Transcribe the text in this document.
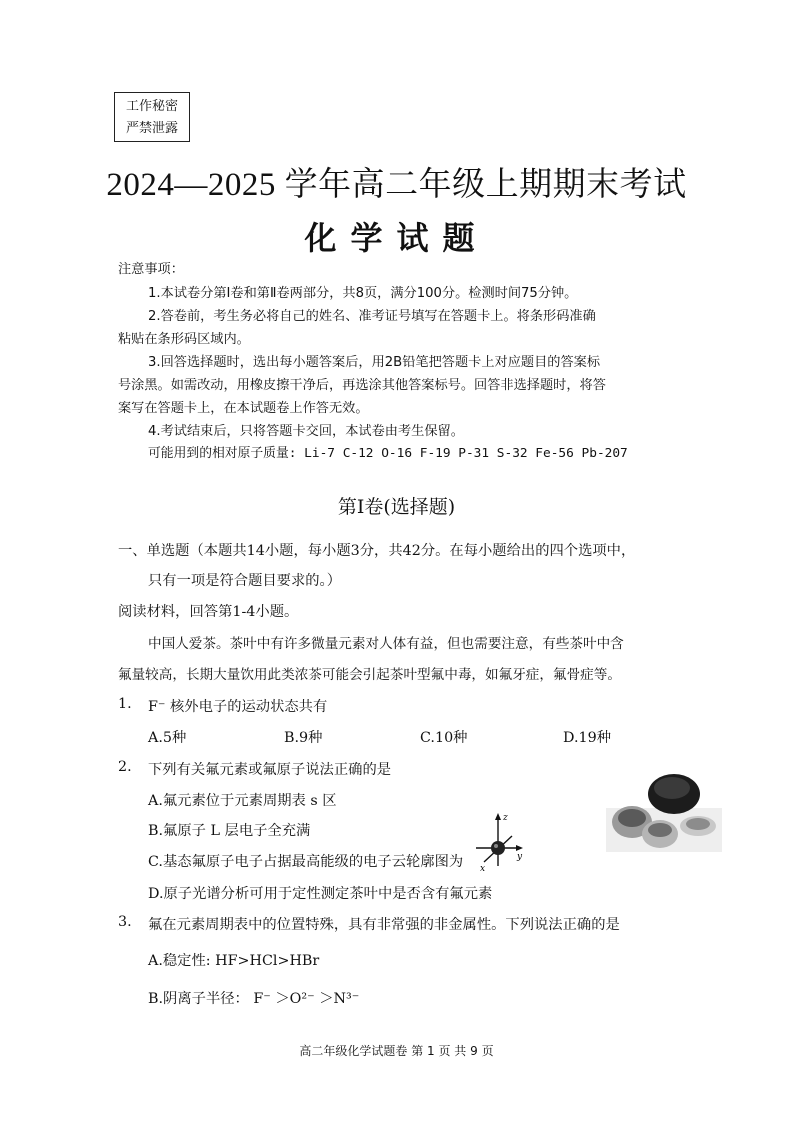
工作秘密
严禁泄露
2024—2025 学年高二年级上期期末考试
化学试题
注意事项：
1.本试卷分第Ⅰ卷和第Ⅱ卷两部分，共8页，满分100分。检测时间75分钟。
2.答卷前，考生务必将自己的姓名、准考证号填写在答题卡上。将条形码准确
粘贴在条形码区域内。
3.回答选择题时，选出每小题答案后，用2B铅笔把答题卡上对应题目的答案标
号涂黑。如需改动，用橡皮擦干净后，再选涂其他答案标号。回答非选择题时，将答
案写在答题卡上，在本试题卷上作答无效。
4.考试结束后，只将答题卡交回，本试卷由考生保留。
可能用到的相对原子质量: Li-7 C-12 O-16 F-19 P-31 S-32 Fe-56 Pb-207
第Ⅰ卷(选择题)
一、单选题（本题共14小题，每小题3分，共42分。在每小题给出的四个选项中，
只有一项是符合题目要求的。）
阅读材料，回答第1-4小题。
中国人爱茶。茶叶中有许多微量元素对人体有益，但也需要注意，有些茶叶中含
氟量较高，长期大量饮用此类浓茶可能会引起茶叶型氟中毒，如氟牙症，氟骨症等。
1. F⁻ 核外电子的运动状态共有
A.5种	B.9种	C.10种	D.19种
2. 下列有关氟元素或氟原子说法正确的是
A.氟元素位于元素周期表 s 区
B.氟原子 L 层电子全充满
C.基态氟原子电子占据最高能级的电子云轮廓图为
D.原子光谱分析可用于定性测定茶叶中是否含有氟元素
z
y
x
3. 氟在元素周期表中的位置特殊，具有非常强的非金属性。下列说法正确的是
A.稳定性: HF>HCl>HBr
B.阴离子半径： F⁻ ＞O²⁻ ＞N³⁻
高二年级化学试题卷 第 1 页 共 9 页
